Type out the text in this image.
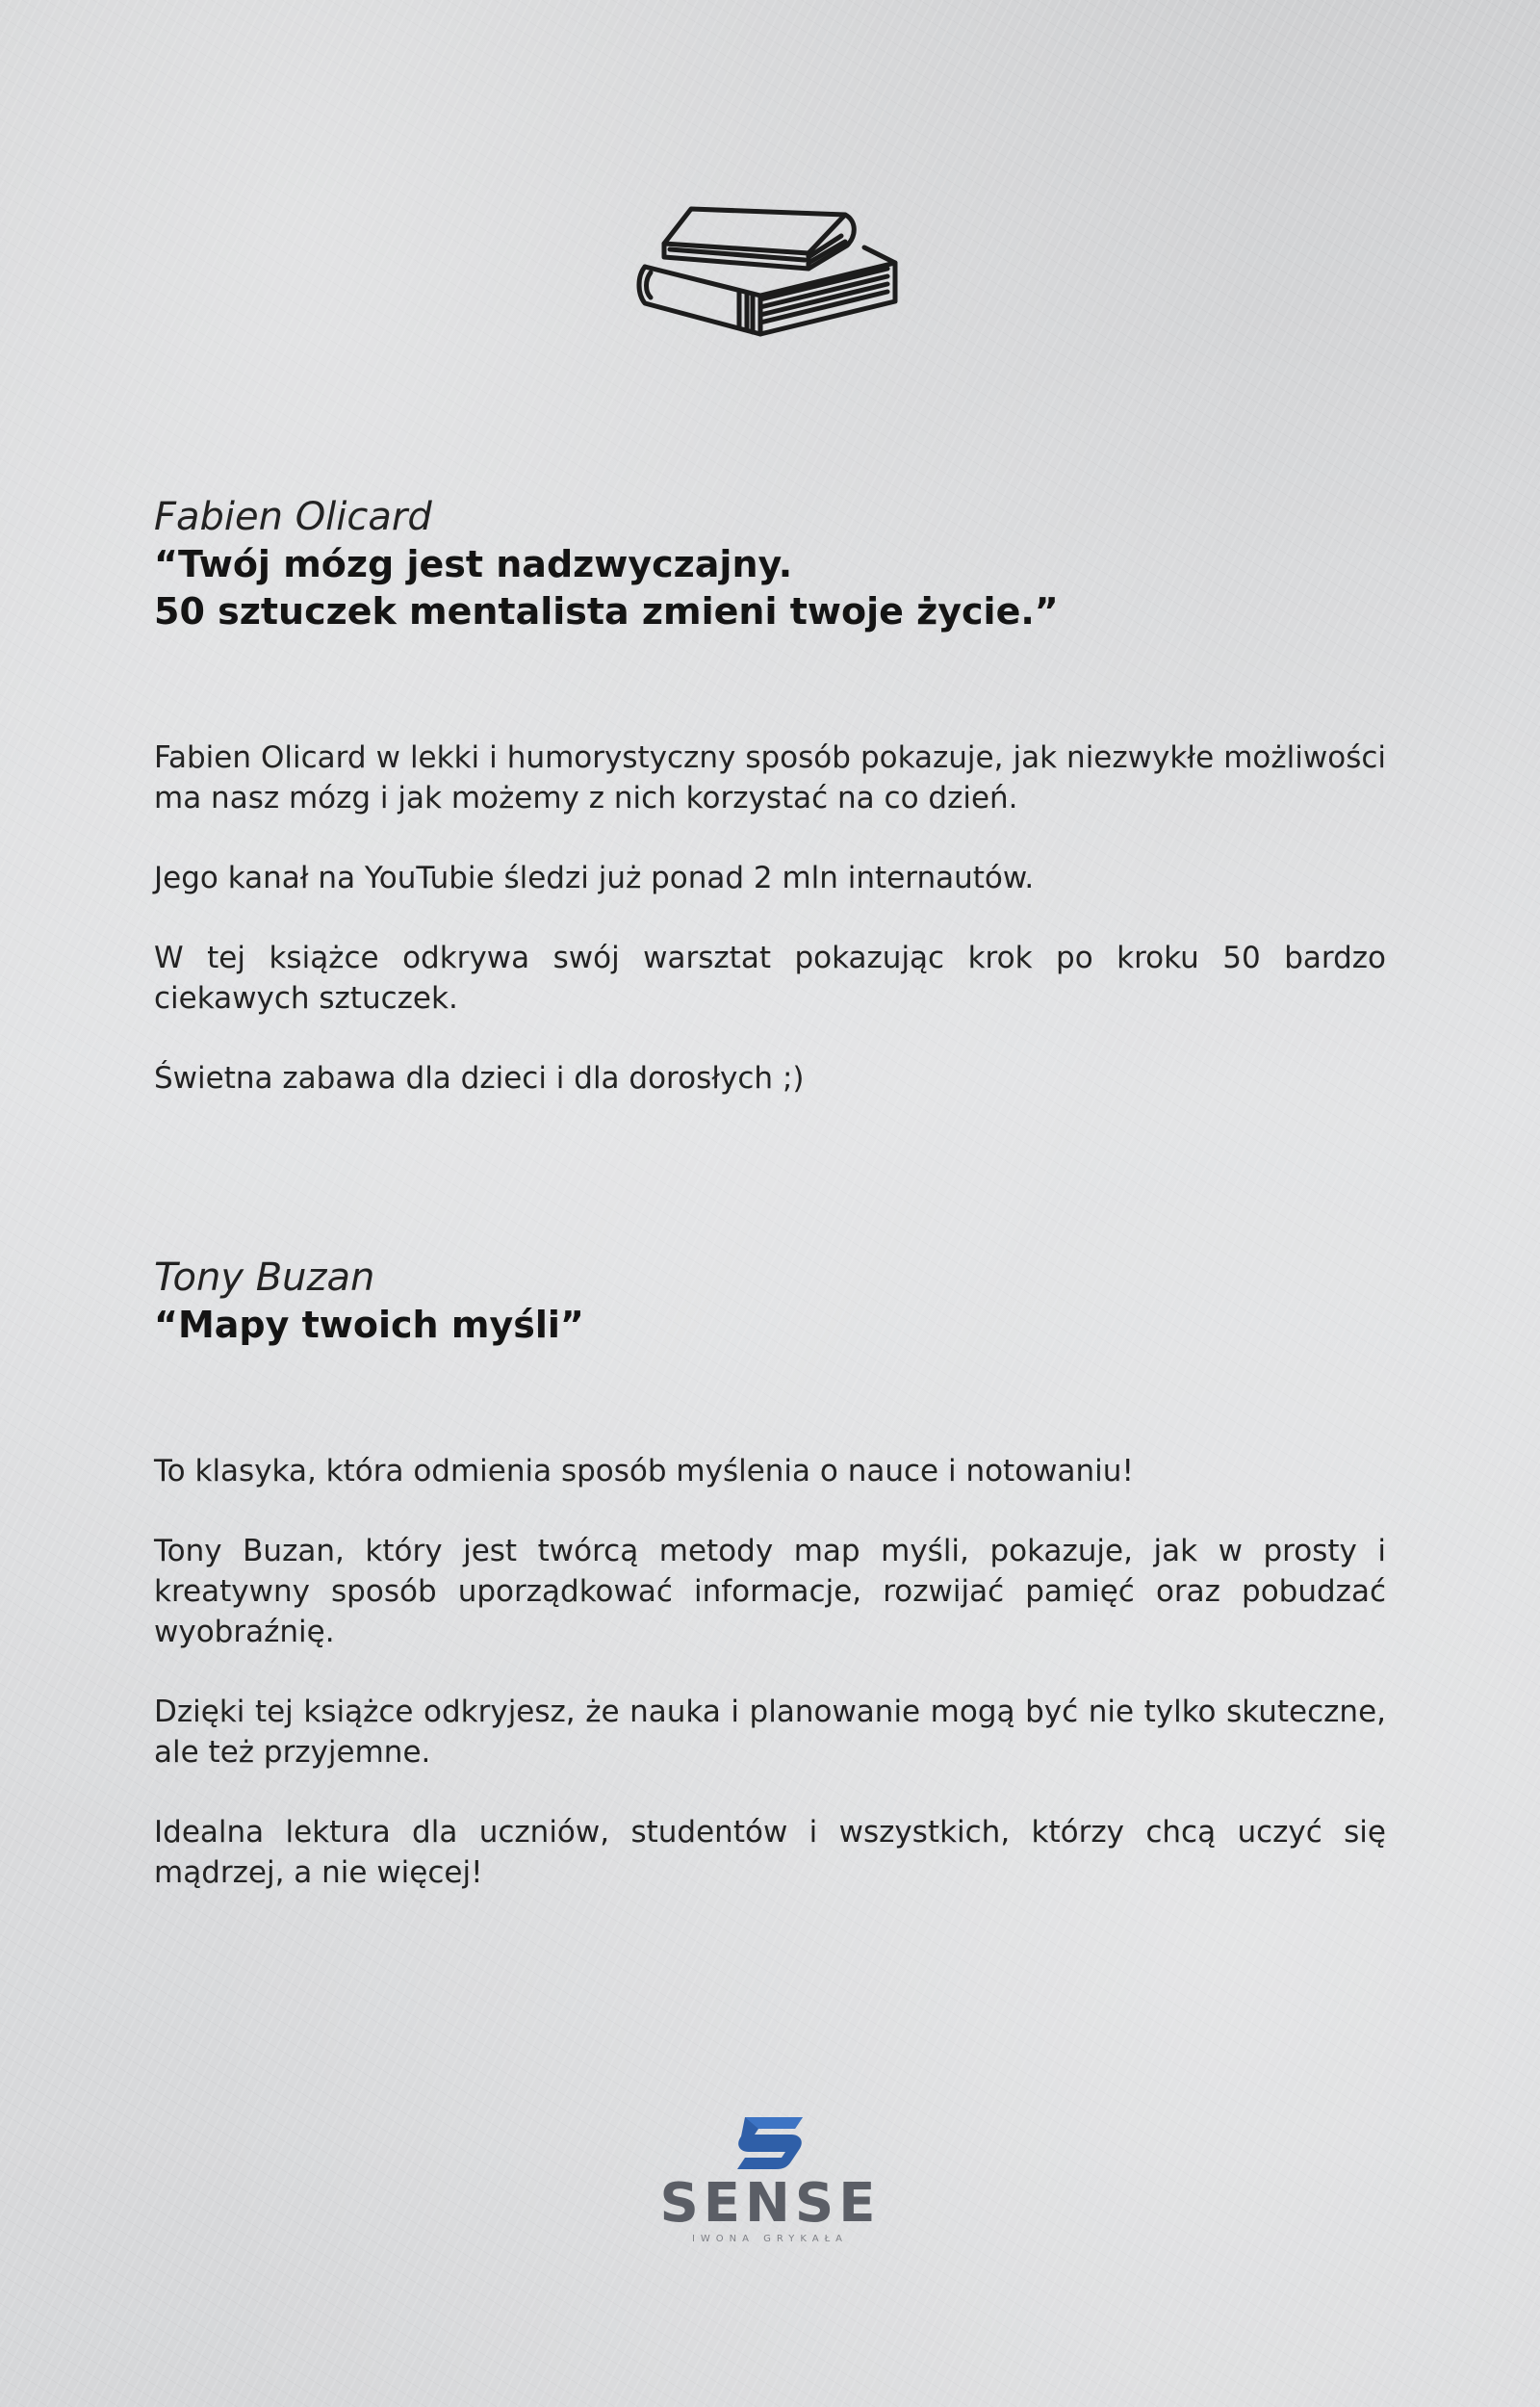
Fabien Olicard

“Twój mózg jest nadzwyczajny.

50 sztuczek mentalista zmieni twoje życie.”

Fabien Olicard w lekki i humorystyczny sposób pokazuje, jak niezwykłe możliwości ma nasz mózg i jak możemy z nich korzystać na co dzień.

Jego kanał na YouTubie śledzi już ponad 2 mln internautów.

W tej książce odkrywa swój warsztat pokazując krok po kroku 50 bardzo ciekawych sztuczek.

Świetna zabawa dla dzieci i dla dorosłych ;)

Tony Buzan

“Mapy twoich myśli”

To klasyka, która odmienia sposób myślenia o nauce i notowaniu!

Tony Buzan, który jest twórcą metody map myśli, pokazuje, jak w prosty i kreatywny sposób uporządkować informacje, rozwijać pamięć oraz pobudzać wyobraźnię.

Dzięki tej książce odkryjesz, że nauka i planowanie mogą być nie tylko skuteczne, ale też przyjemne.

Idealna lektura dla uczniów, studentów i wszystkich, którzy chcą uczyć się mądrzej, a nie więcej!

SENSE
IWONA GRYKAŁA
